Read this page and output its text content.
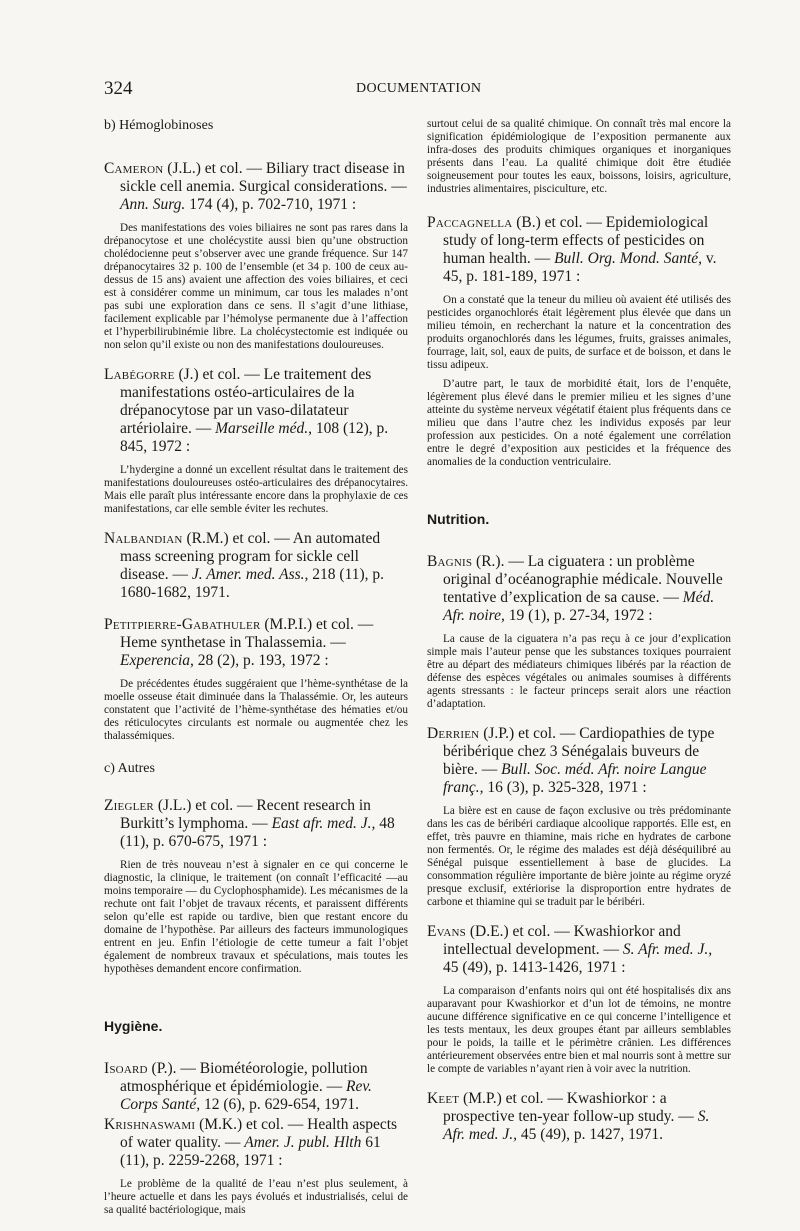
324	DOCUMENTATION
b) Hémoglobinoses
Cameron (J.L.) et col. — Biliary tract disease in sickle cell anemia. Surgical considerations. — Ann. Surg. 174 (4), p. 702-710, 1971 :

Des manifestations des voies biliaires ne sont pas rares dans la drépanocytose et une cholécystite aussi bien qu’une obstruction cholédocienne peut s’observer avec une grande fréquence. Sur 147 drépanocytaires 32 p. 100 de l’ensemble (et 34 p. 100 de ceux au-dessus de 15 ans) avaient une affection des voies biliaires, et ceci est à considérer comme un minimum, car tous les malades n’ont pas subi une exploration dans ce sens. Il s’agit d’une lithiase, facilement explicable par l’hémolyse permanente due à l’affection et l’hyperbilirubinémie libre. La cholécystectomie est indiquée ou non selon qu’il existe ou non des manifestations douloureuses.

Labégorre (J.) et col. — Le traitement des manifestations ostéo-articulaires de la drépanocytose par un vaso-dilatateur artériolaire. — Marseille méd., 108 (12), p. 845, 1972 :

L’hydergine a donné un excellent résultat dans le traitement des manifestations douloureuses ostéo-articulaires des drépanocytaires. Mais elle paraît plus intéressante encore dans la prophylaxie de ces manifestations, car elle semble éviter les rechutes.

Nalbandian (R.M.) et col. — An automated mass screening program for sickle cell disease. — J. Amer. med. Ass., 218 (11), p. 1680-1682, 1971.
Petitpierre-Gabathuler (M.P.I.) et col. — Heme synthetase in Thalassemia. — Experencia, 28 (2), p. 193, 1972 :

De précédentes études suggéraient que l’hème-synthétase de la moelle osseuse était diminuée dans la Thalassémie. Or, les auteurs constatent que l’activité de l’hème-synthétase des hématies et/ou des réticulocytes circulants est normale ou augmentée chez les thalassémiques.

c) Autres
Ziegler (J.L.) et col. — Recent research in Burkitt’s lymphoma. — East afr. med. J., 48 (11), p. 670-675, 1971 :

Rien de très nouveau n’est à signaler en ce qui concerne le diagnostic, la clinique, le traitement (on connaît l’efficacité —au moins temporaire — du Cyclophosphamide). Les mécanismes de la rechute ont fait l’objet de travaux récents, et paraissent différents selon qu’elle est rapide ou tardive, bien que restant encore du domaine de l’hypothèse. Par ailleurs des facteurs immunologiques entrent en jeu. Enfin l’étiologie de cette tumeur a fait l’objet également de nombreux travaux et spéculations, mais toutes les hypothèses demandent encore confirmation.

Hygiène.
Isoard (P.). — Biométéorologie, pollution atmosphérique et épidémiologie. — Rev. Corps Santé, 12 (6), p. 629-654, 1971.
Krishnaswami (M.K.) et col. — Health aspects of water quality. — Amer. J. publ. Hlth 61 (11), p. 2259-2268, 1971 :

Le problème de la qualité de l’eau n’est plus seulement, à l’heure actuelle et dans les pays évolués et industrialisés, celui de sa qualité bactériologique, mais

surtout celui de sa qualité chimique. On connaît très mal encore la signification épidémiologique de l’exposition permanente aux infra-doses des produits chimiques organiques et inorganiques présents dans l’eau. La qualité chimique doit être étudiée soigneusement pour toutes les eaux, boissons, loisirs, agriculture, industries alimentaires, pisciculture, etc.

Paccagnella (B.) et col. — Epidemiological study of long-term effects of pesticides on human health. — Bull. Org. Mond. Santé, v. 45, p. 181-189, 1971 :

On a constaté que la teneur du milieu où avaient été utilisés des pesticides organochlorés était légèrement plus élevée que dans un milieu témoin, en recherchant la nature et la concentration des produits organochlorés dans les légumes, fruits, graisses animales, fourrage, lait, sol, eaux de puits, de surface et de boisson, et dans le tissu adipeux.

D’autre part, le taux de morbidité était, lors de l’enquête, légèrement plus élevé dans le premier milieu et les signes d’une atteinte du système nerveux végétatif étaient plus fréquents dans ce milieu que dans l’autre chez les individus exposés par leur profession aux pesticides. On a noté également une corrélation entre le degré d’exposition aux pesticides et la fréquence des anomalies de la conduction ventriculaire.

Nutrition.
Bagnis (R.). — La ciguatera : un problème original d’océanographie médicale. Nouvelle tentative d’explication de sa cause. — Méd. Afr. noire, 19 (1), p. 27-34, 1972 :

La cause de la ciguatera n’a pas reçu à ce jour d’explication simple mais l’auteur pense que les substances toxiques pourraient être au départ des médiateurs chimiques libérés par la réaction de défense des espèces végétales ou animales soumises à différents agents stressants : le facteur princeps serait alors une réaction d’adaptation.

Derrien (J.P.) et col. — Cardiopathies de type béribérique chez 3 Sénégalais buveurs de bière. — Bull. Soc. méd. Afr. noire Langue franç., 16 (3), p. 325-328, 1971 :

La bière est en cause de façon exclusive ou très prédominante dans les cas de béribéri cardiaque alcoolique rapportés. Elle est, en effet, très pauvre en thiamine, mais riche en hydrates de carbone non fermentés. Or, le régime des malades est déjà déséquilibré au Sénégal puisque essentiellement à base de glucides. La consommation régulière importante de bière jointe au régime oryzé presque exclusif, extériorise la disproportion entre hydrates de carbone et thiamine qui se traduit par le béribéri.

Evans (D.E.) et col. — Kwashiorkor and intellectual development. — S. Afr. med. J., 45 (49), p. 1413-1426, 1971 :

La comparaison d’enfants noirs qui ont été hospitalisés dix ans auparavant pour Kwashiorkor et d’un lot de témoins, ne montre aucune différence significative en ce qui concerne l’intelligence et les tests mentaux, les deux groupes étant par ailleurs semblables pour le poids, la taille et le périmètre crânien. Les différences antérieurement observées entre bien et mal nourris sont à mettre sur le compte de variables n’ayant rien à voir avec la nutrition.

Keet (M.P.) et col. — Kwashiorkor : a prospective ten-year follow-up study. — S. Afr. med. J., 45 (49), p. 1427, 1971.
